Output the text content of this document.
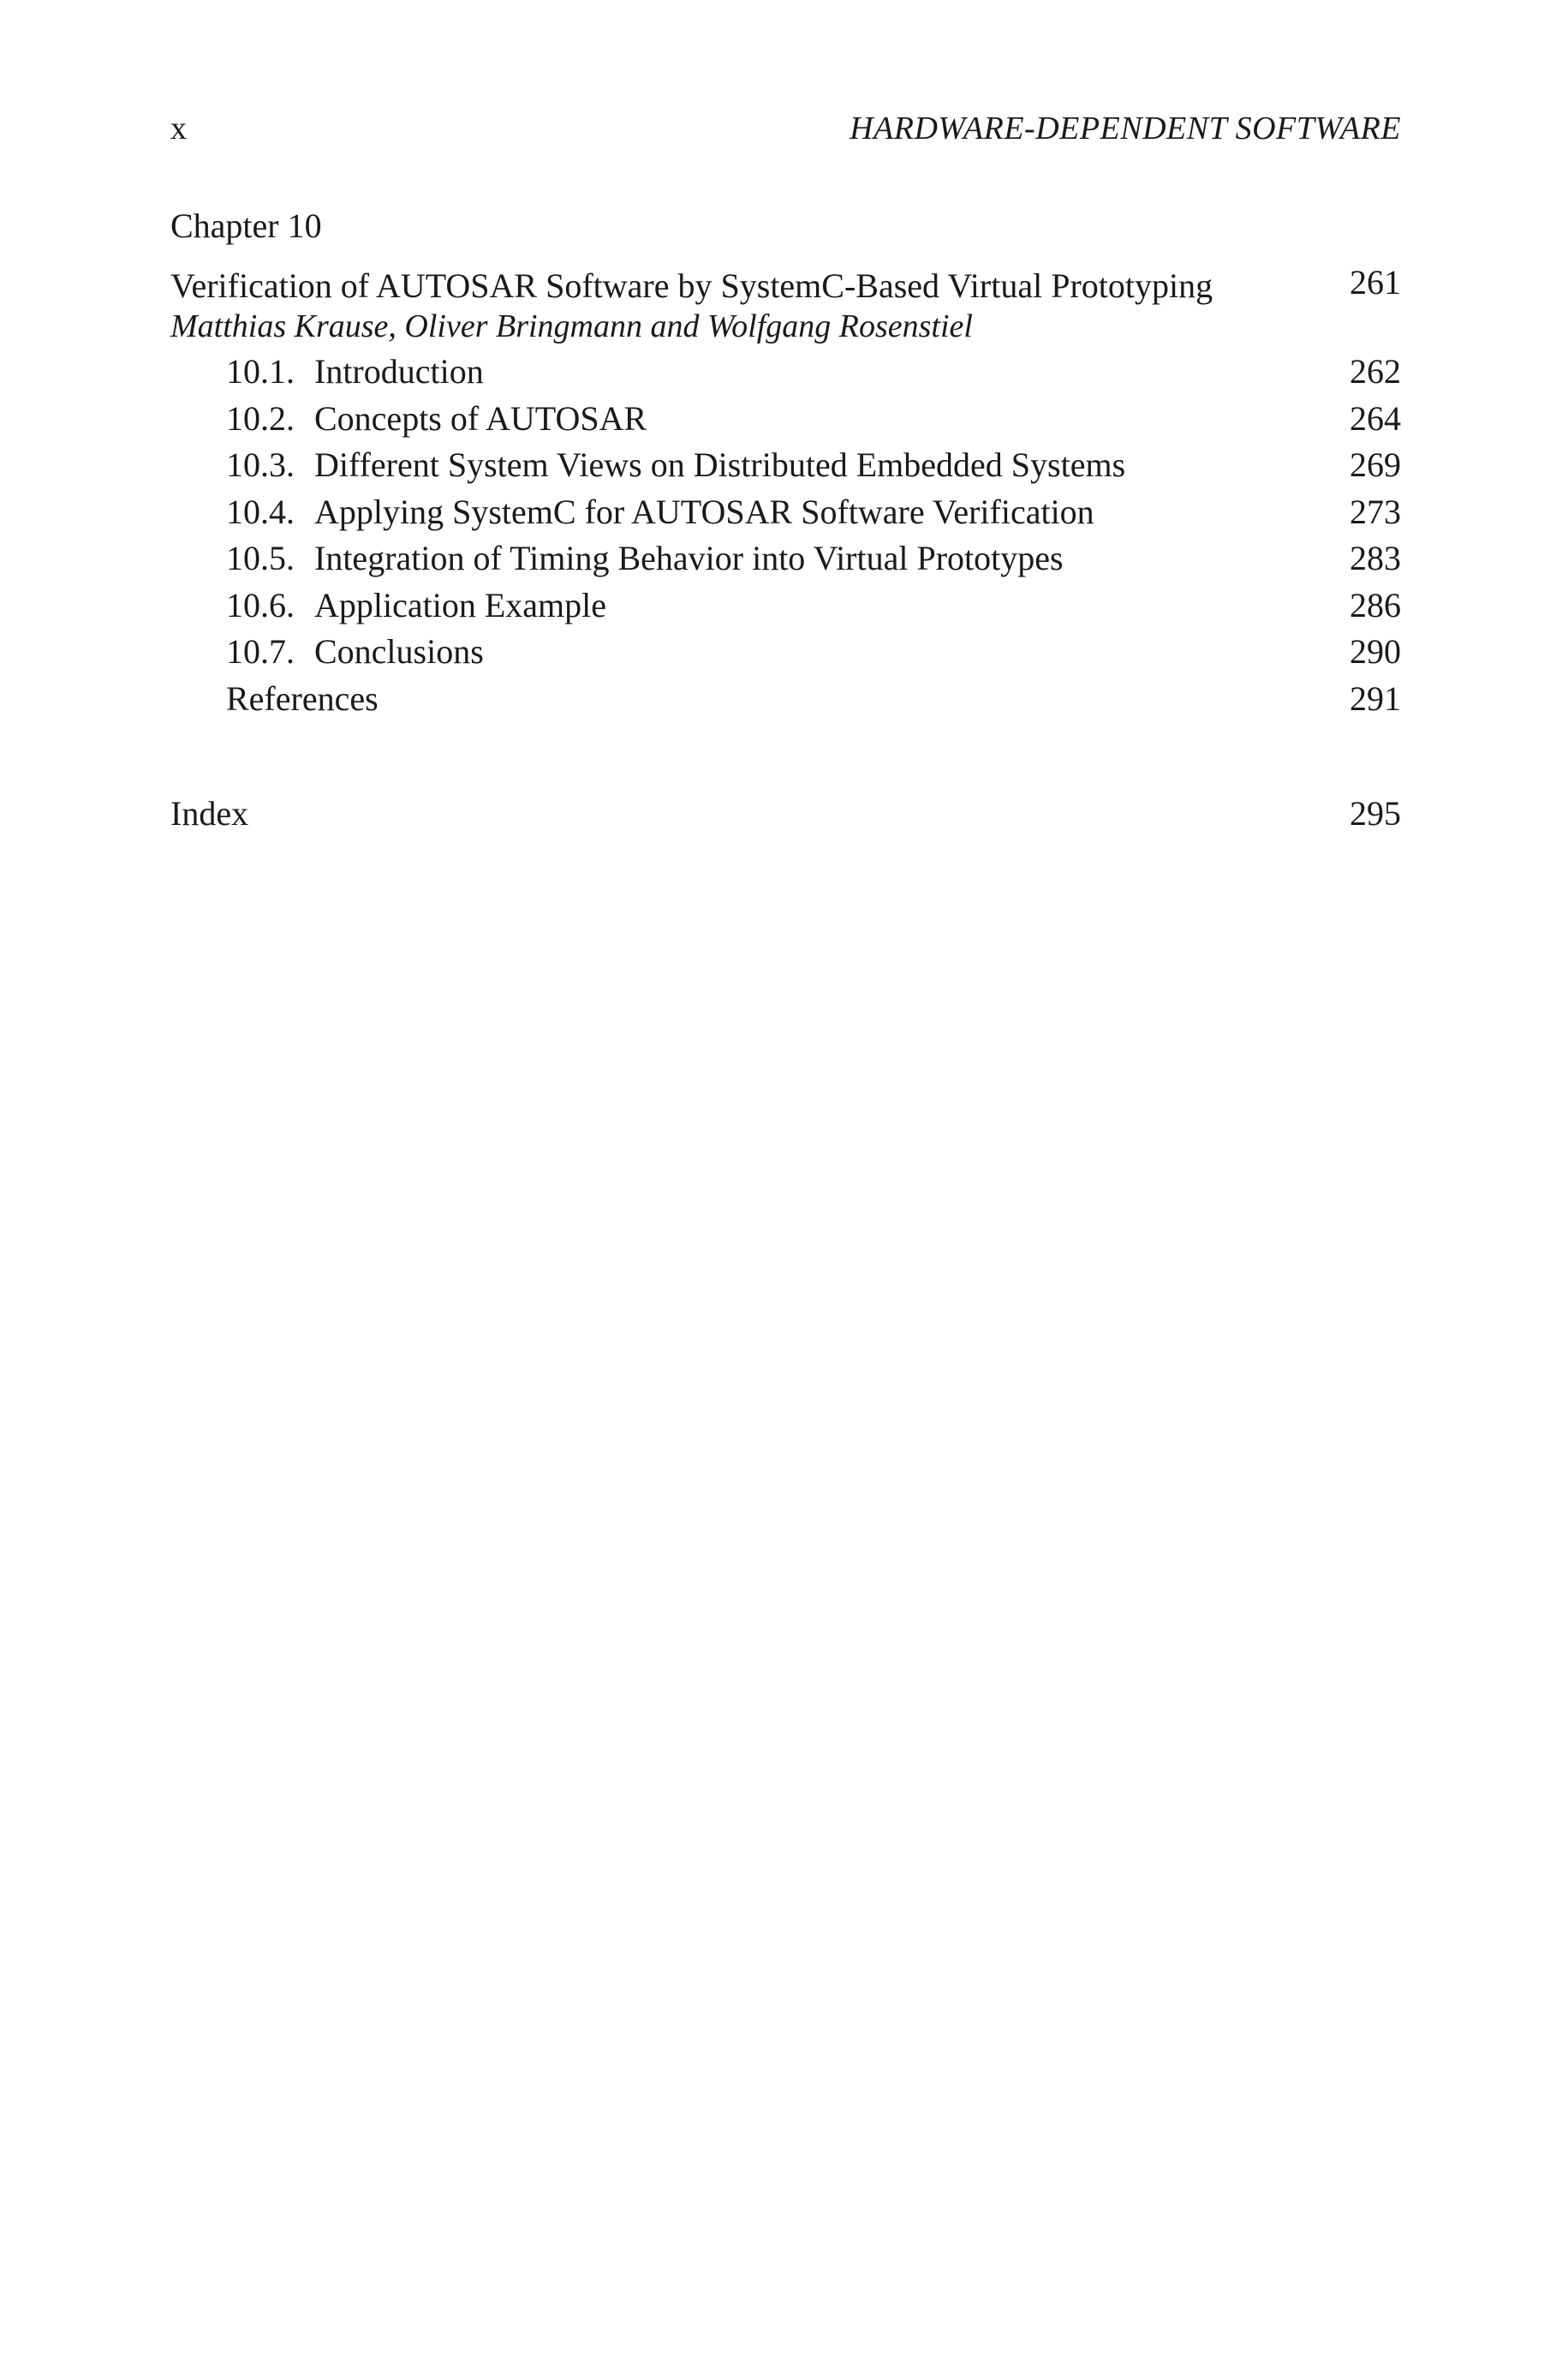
x	HARDWARE-DEPENDENT SOFTWARE
Chapter 10
Verification of AUTOSAR Software by SystemC-Based Virtual Prototyping	261
Matthias Krause, Oliver Bringmann and Wolfgang Rosenstiel
10.1. Introduction	262
10.2. Concepts of AUTOSAR	264
10.3. Different System Views on Distributed Embedded Systems	269
10.4. Applying SystemC for AUTOSAR Software Verification	273
10.5. Integration of Timing Behavior into Virtual Prototypes	283
10.6. Application Example	286
10.7. Conclusions	290
References	291
Index	295
